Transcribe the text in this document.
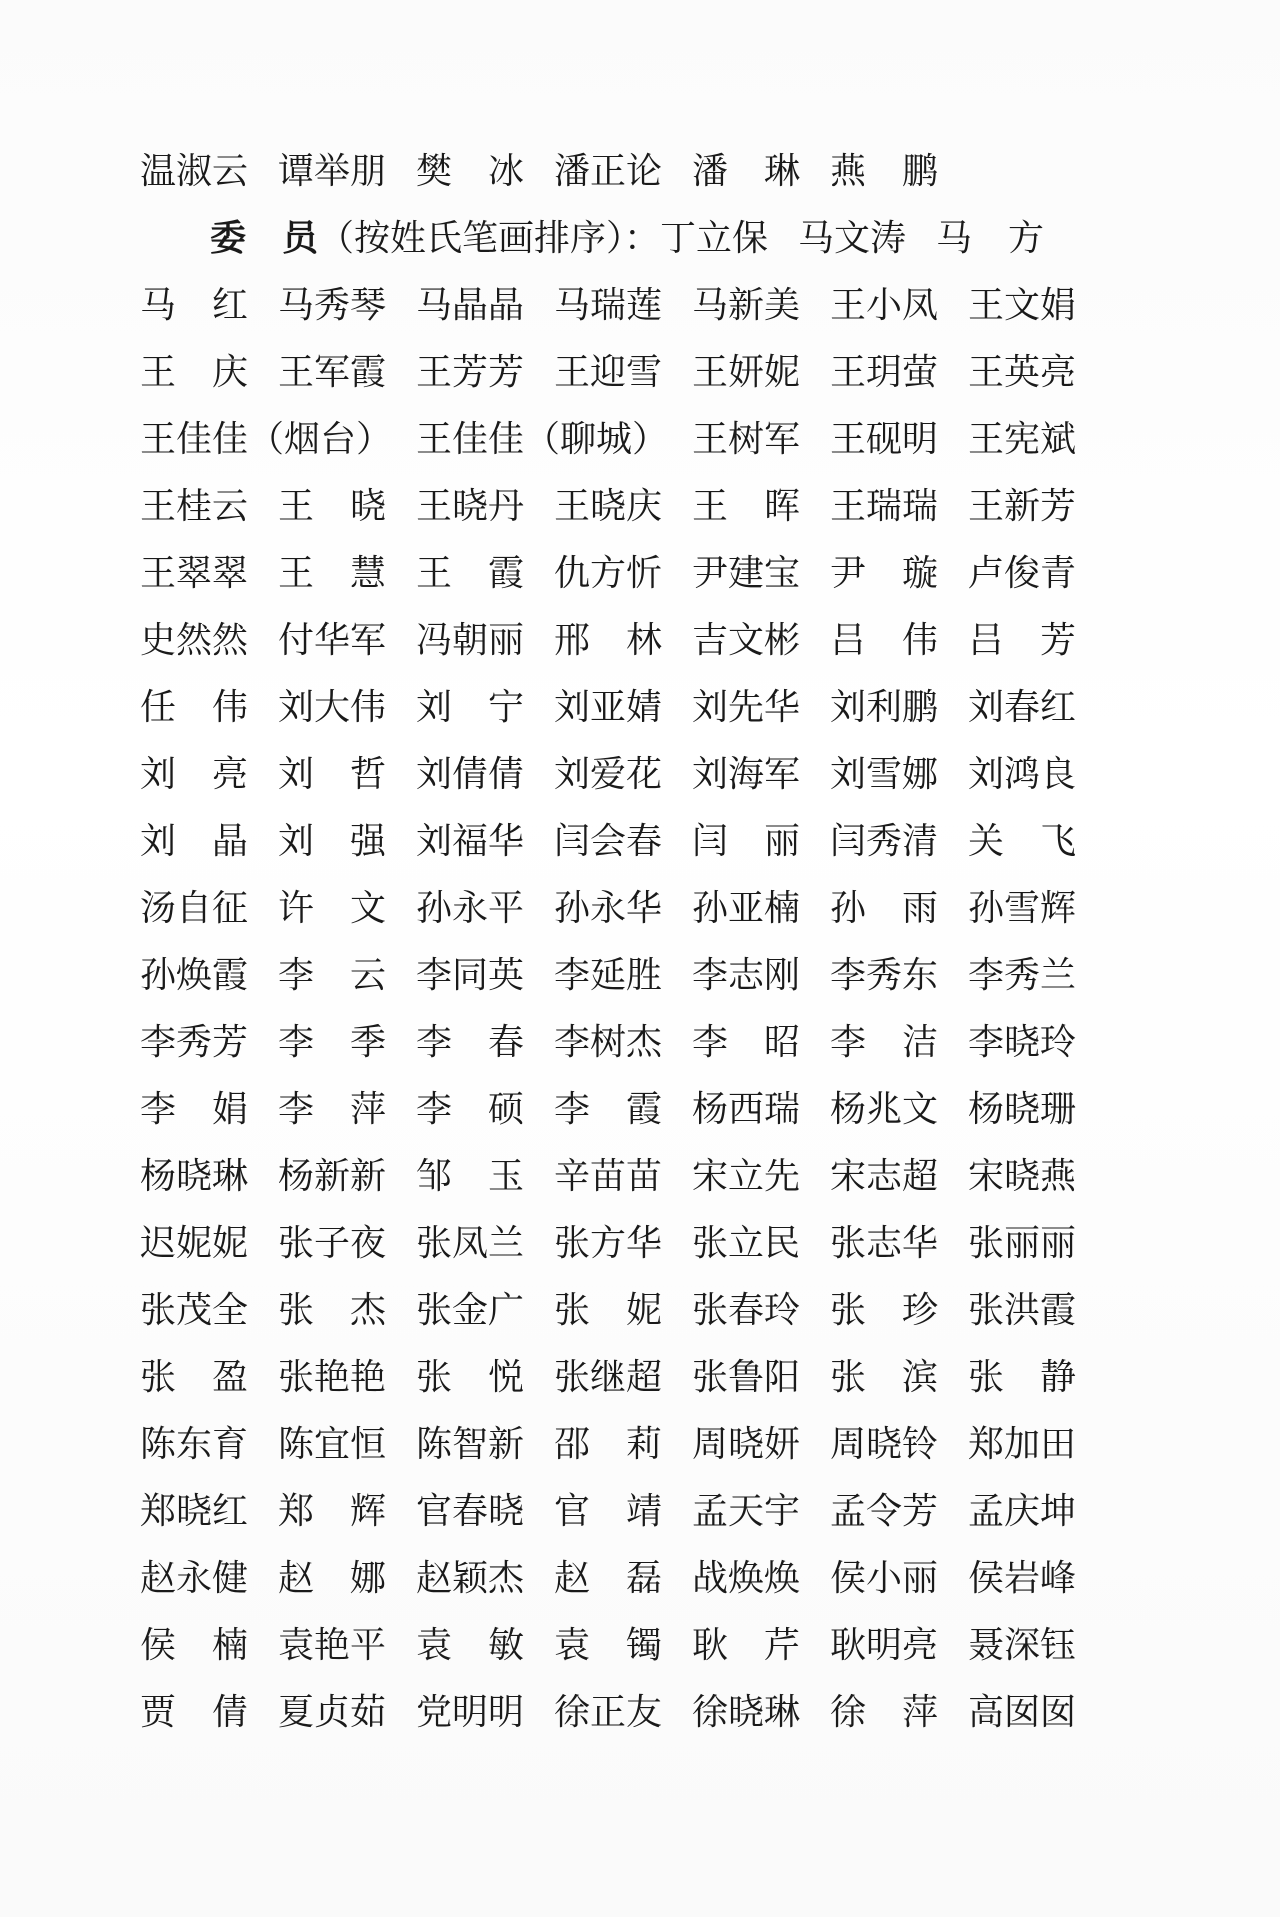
温淑云 谭举朋 樊　冰 潘正论 潘　琳 燕　鹏
委　员 （按姓氏笔画排序）： 丁立保 马文涛 马　方
马　红 马秀琴 马晶晶 马瑞莲 马新美 王小凤 王文娟
王　庆 王军霞 王芳芳 王迎雪 王妍妮 王玥萤 王英亮
王佳佳（烟台） 王佳佳（聊城） 王树军 王砚明 王宪斌
王桂云 王　晓 王晓丹 王晓庆 王　晖 王瑞瑞 王新芳
王翠翠 王　慧 王　霞 仇方忻 尹建宝 尹　璇 卢俊青
史然然 付华军 冯朝丽 邢　林 吉文彬 吕　伟 吕　芳
任　伟 刘大伟 刘　宁 刘亚婧 刘先华 刘利鹏 刘春红
刘　亮 刘　哲 刘倩倩 刘爱花 刘海军 刘雪娜 刘鸿良
刘　晶 刘　强 刘福华 闫会春 闫　丽 闫秀清 关　飞
汤自征 许　文 孙永平 孙永华 孙亚楠 孙　雨 孙雪辉
孙焕霞 李　云 李同英 李延胜 李志刚 李秀东 李秀兰
李秀芳 李　季 李　春 李树杰 李　昭 李　洁 李晓玲
李　娟 李　萍 李　硕 李　霞 杨西瑞 杨兆文 杨晓珊
杨晓琳 杨新新 邹　玉 辛苗苗 宋立先 宋志超 宋晓燕
迟妮妮 张子夜 张凤兰 张方华 张立民 张志华 张丽丽
张茂全 张　杰 张金广 张　妮 张春玲 张　珍 张洪霞
张　盈 张艳艳 张　悦 张继超 张鲁阳 张　滨 张　静
陈东育 陈宜恒 陈智新 邵　莉 周晓妍 周晓铃 郑加田
郑晓红 郑　辉 官春晓 官　靖 孟天宇 孟令芳 孟庆坤
赵永健 赵　娜 赵颖杰 赵　磊 战焕焕 侯小丽 侯岩峰
侯　楠 袁艳平 袁　敏 袁　镯 耿　芹 耿明亮 聂深钰
贾　倩 夏贞茹 党明明 徐正友 徐晓琳 徐　萍 高囡囡
